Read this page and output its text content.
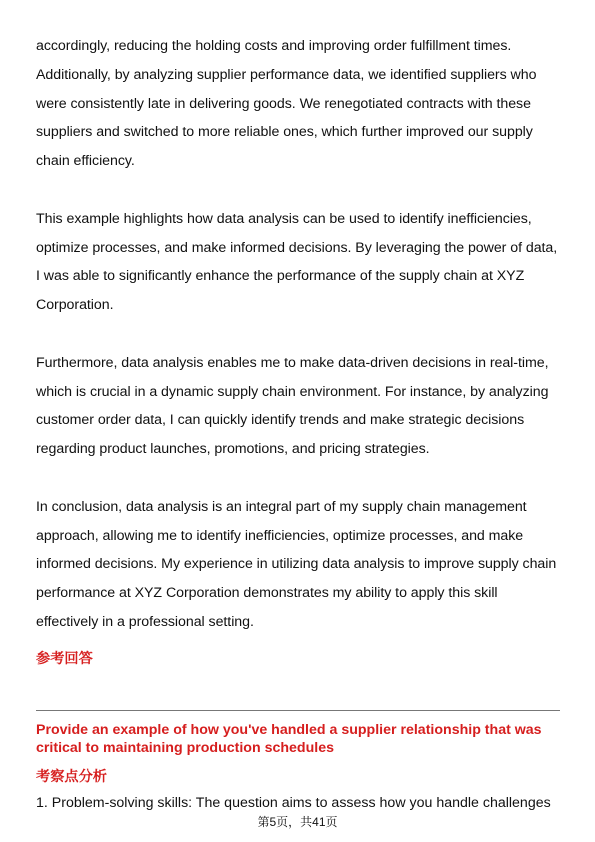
accordingly, reducing the holding costs and improving order fulfillment times. Additionally, by analyzing supplier performance data, we identified suppliers who were consistently late in delivering goods. We renegotiated contracts with these suppliers and switched to more reliable ones, which further improved our supply chain efficiency.

This example highlights how data analysis can be used to identify inefficiencies, optimize processes, and make informed decisions. By leveraging the power of data, I was able to significantly enhance the performance of the supply chain at XYZ Corporation.

Furthermore, data analysis enables me to make data-driven decisions in real-time, which is crucial in a dynamic supply chain environment. For instance, by analyzing customer order data, I can quickly identify trends and make strategic decisions regarding product launches, promotions, and pricing strategies.

In conclusion, data analysis is an integral part of my supply chain management approach, allowing me to identify inefficiencies, optimize processes, and make informed decisions. My experience in utilizing data analysis to improve supply chain performance at XYZ Corporation demonstrates my ability to apply this skill effectively in a professional setting.

参考回答

Provide an example of how you've handled a supplier relationship that was critical to maintaining production schedules

考察点分析

1. Problem-solving skills: The question aims to assess how you handle challenges

第5页，共41页
